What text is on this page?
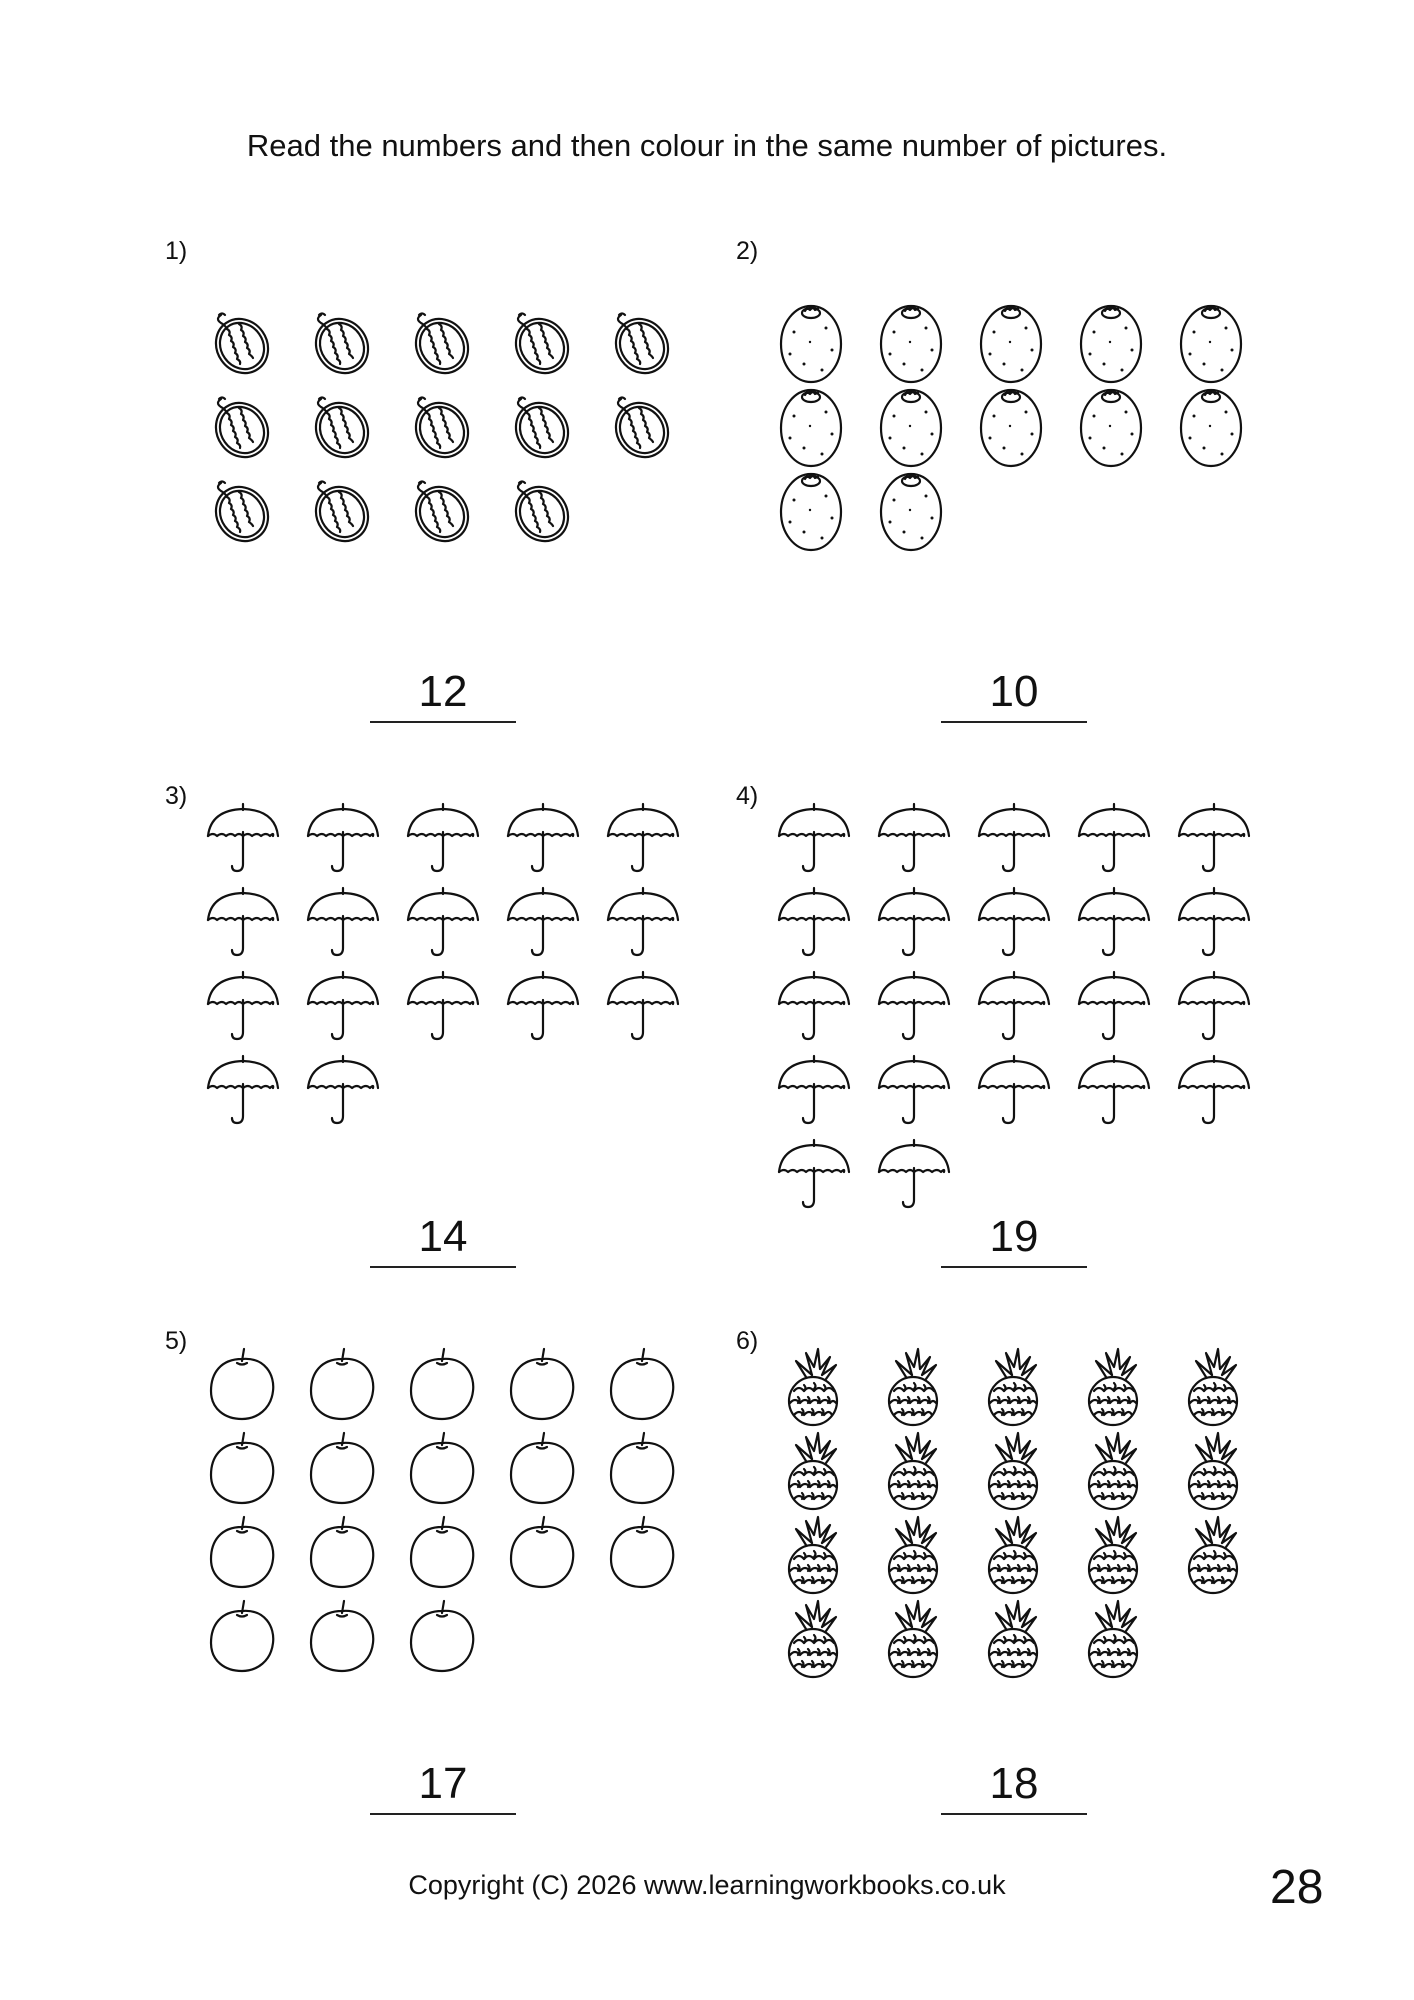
Read the numbers and then colour in the same number of pictures.
1)
12
2)
10
3)
14
4)
19
5)
17
6)
18
Copyright (C) 2026 www.learningworkbooks.co.uk	28
